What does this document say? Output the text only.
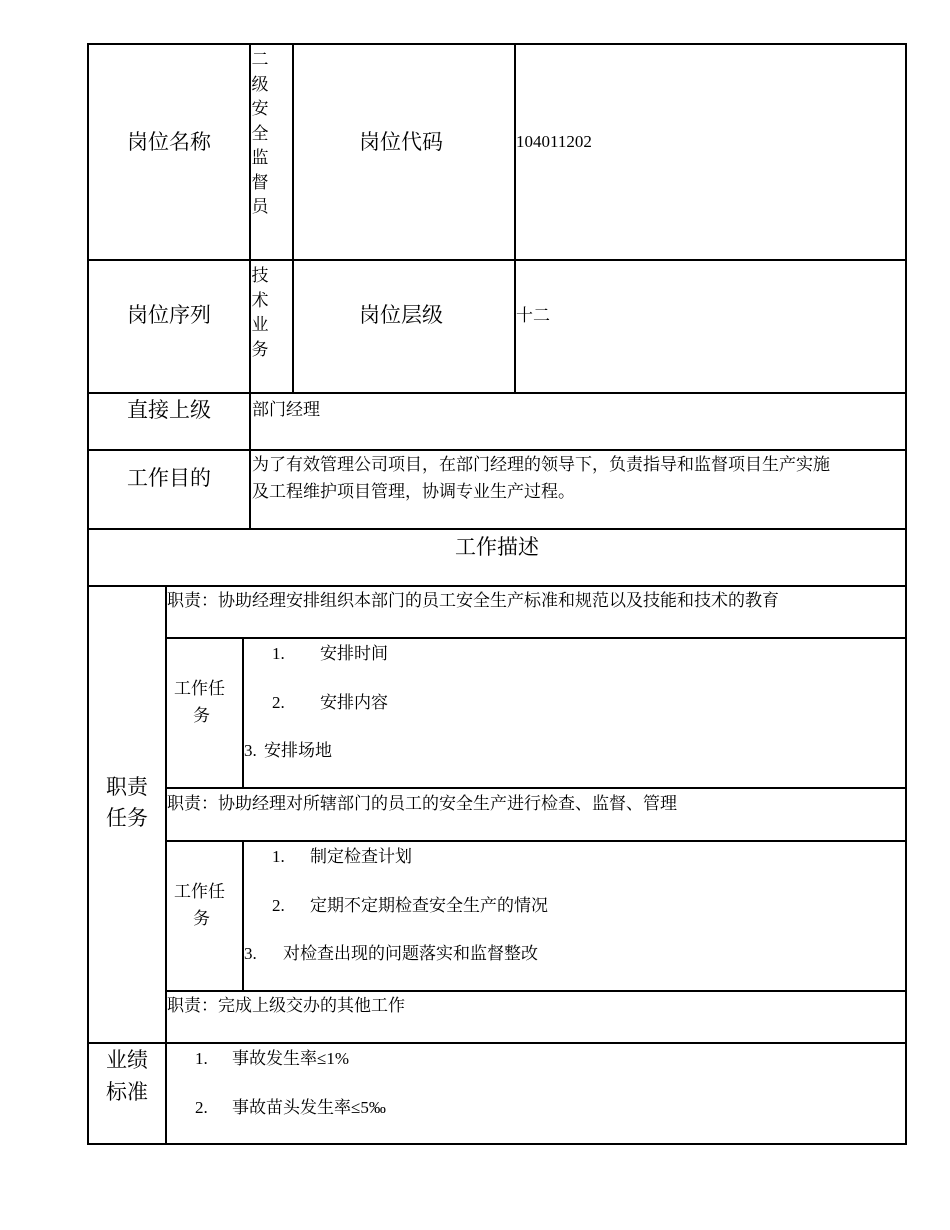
岗位名称
二级安全监督员
岗位代码	104011202
岗位序列
技术业务
岗位层级	十二
直接上级 部门经理
工作目的
为了有效管理公司项目，在部门经理的领导下，负责指导和监督项目生产实施
及工程维护项目管理，协调专业生产过程。
工作描述
职责
任务
职责：协助经理安排组织本部门的员工安全生产标准和规范以及技能和技术的教育
工作任
务
1. 安排时间
2. 安排内容
3. 安排场地
职责：协助经理对所辖部门的员工的安全生产进行检查、监督、管理
工作任
务
1. 制定检查计划
2. 定期不定期检查安全生产的情况
3. 对检查出现的问题落实和监督整改
职责：完成上级交办的其他工作
业绩
标准
1. 事故发生率≤1%
2. 事故苗头发生率≤5‰
